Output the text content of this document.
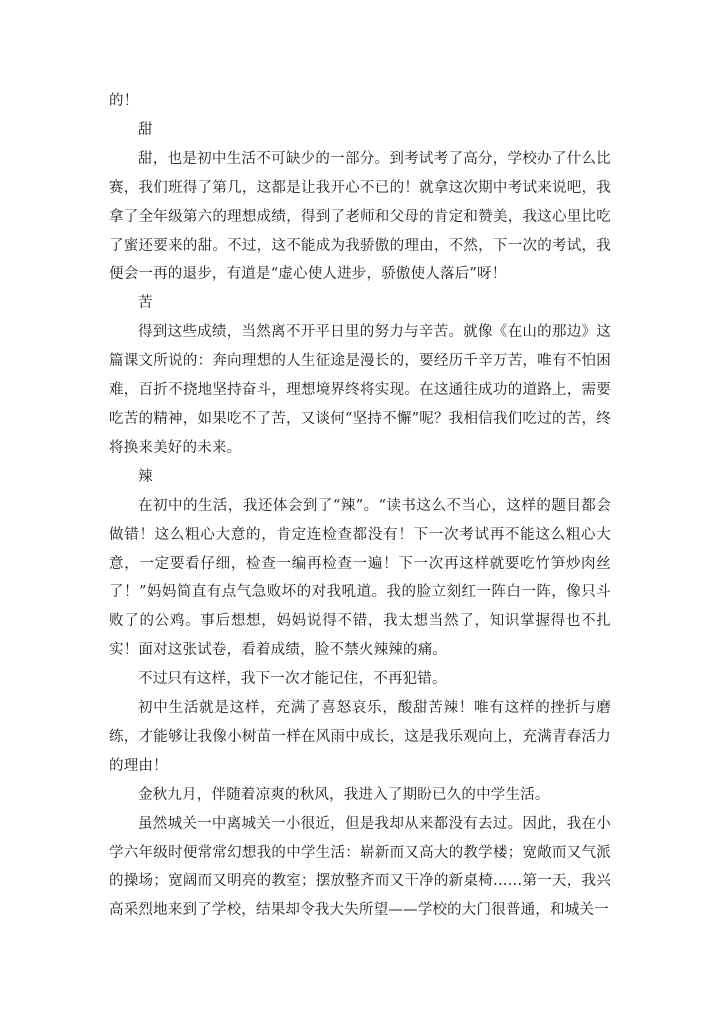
的！

甜

甜，也是初中生活不可缺少的一部分。到考试考了高分，学校办了什么比赛，我们班得了第几，这都是让我开心不已的！就拿这次期中考试来说吧，我拿了全年级第六的理想成绩，得到了老师和父母的肯定和赞美，我这心里比吃了蜜还要来的甜。不过，这不能成为我骄傲的理由，不然，下一次的考试，我便会一再的退步，有道是“虚心使人进步，骄傲使人落后”呀！

苦

得到这些成绩，当然离不开平日里的努力与辛苦。就像《在山的那边》这篇课文所说的：奔向理想的人生征途是漫长的，要经历千辛万苦，唯有不怕困难，百折不挠地坚持奋斗，理想境界终将实现。在这通往成功的道路上，需要吃苦的精神，如果吃不了苦，又谈何“坚持不懈”呢？我相信我们吃过的苦，终将换来美好的未来。

辣

在初中的生活，我还体会到了“辣”。“读书这么不当心，这样的题目都会做错！这么粗心大意的，肯定连检查都没有！下一次考试再不能这么粗心大意，一定要看仔细，检查一编再检查一遍！下一次再这样就要吃竹笋炒肉丝了！”妈妈简直有点气急败坏的对我吼道。我的脸立刻红一阵白一阵，像只斗败了的公鸡。事后想想，妈妈说得不错，我太想当然了，知识掌握得也不扎实！面对这张试卷，看着成绩，脸不禁火辣辣的痛。

不过只有这样，我下一次才能记住，不再犯错。

初中生活就是这样，充满了喜怒哀乐，酸甜苦辣！唯有这样的挫折与磨练，才能够让我像小树苗一样在风雨中成长，这是我乐观向上，充满青春活力的理由！

金秋九月，伴随着凉爽的秋风，我进入了期盼已久的中学生活。

虽然城关一中离城关一小很近，但是我却从来都没有去过。因此，我在小学六年级时便常常幻想我的中学生活：崭新而又高大的教学楼；宽敞而又气派的操场；宽阔而又明亮的教室；摆放整齐而又干净的新桌椅……第一天，我兴高采烈地来到了学校，结果却令我大失所望——学校的大门很普通，和城关一
